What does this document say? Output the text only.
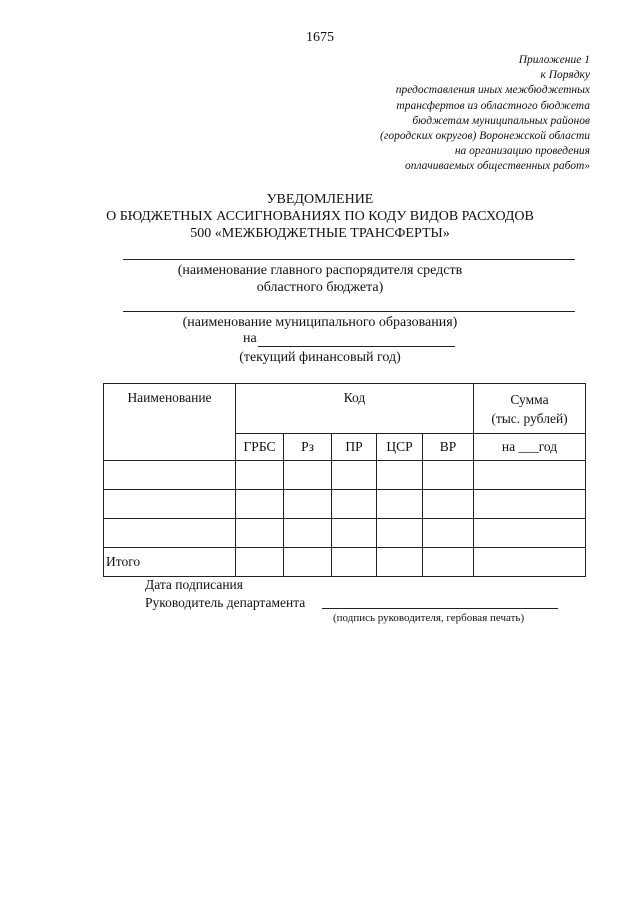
1675
Приложение 1
к Порядку
предоставления иных межбюджетных
трансфертов из областного бюджета
бюджетам муниципальных районов
(городских округов) Воронежской области
на организацию проведения
оплачиваемых общественных работ»
УВЕДОМЛЕНИЕ
О БЮДЖЕТНЫХ АССИГНОВАНИЯХ ПО КОДУ ВИДОВ РАСХОДОВ
500 «МЕЖБЮДЖЕТНЫЕ ТРАНСФЕРТЫ»
(наименование главного распорядителя средств
областного бюджета)
(наименование муниципального образования)
на
(текущий финансовый год)
Наименование	Код					Сумма
(тыс. рублей)

	ГРБС	Рз	ПР	ЦСР	ВР	на ___год

Итого						
Дата подписания
Руководитель департамента
(подпись руководителя, гербовая печать)
